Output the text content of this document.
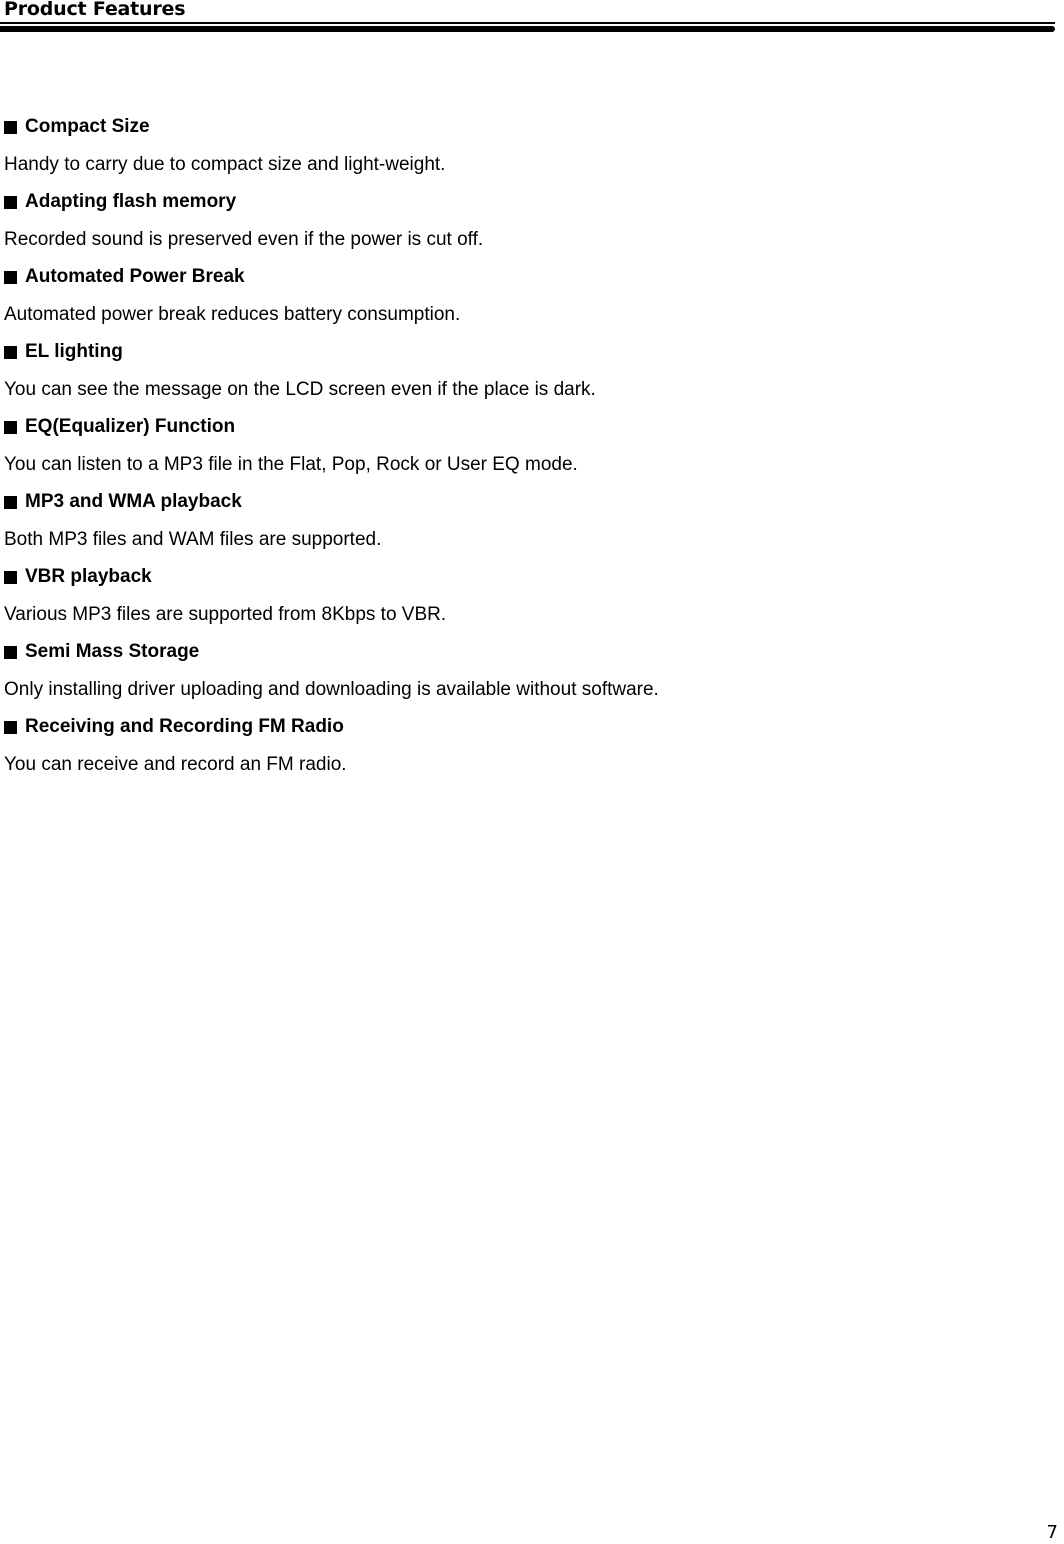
Product Features
Compact Size
Handy to carry due to compact size and light-weight.
Adapting flash memory
Recorded sound is preserved even if the power is cut off.
Automated Power Break
Automated power break reduces battery consumption.
EL lighting
You can see the message on the LCD screen even if the place is dark.
EQ(Equalizer) Function
You can listen to a MP3 file in the Flat, Pop, Rock or User EQ mode.
MP3 and WMA playback
Both MP3 files and WAM files are supported.
VBR playback
Various MP3 files are supported from 8Kbps to VBR.
Semi Mass Storage
Only installing driver uploading and downloading is available without software.
Receiving and Recording FM Radio
You can receive and record an FM radio.
7
